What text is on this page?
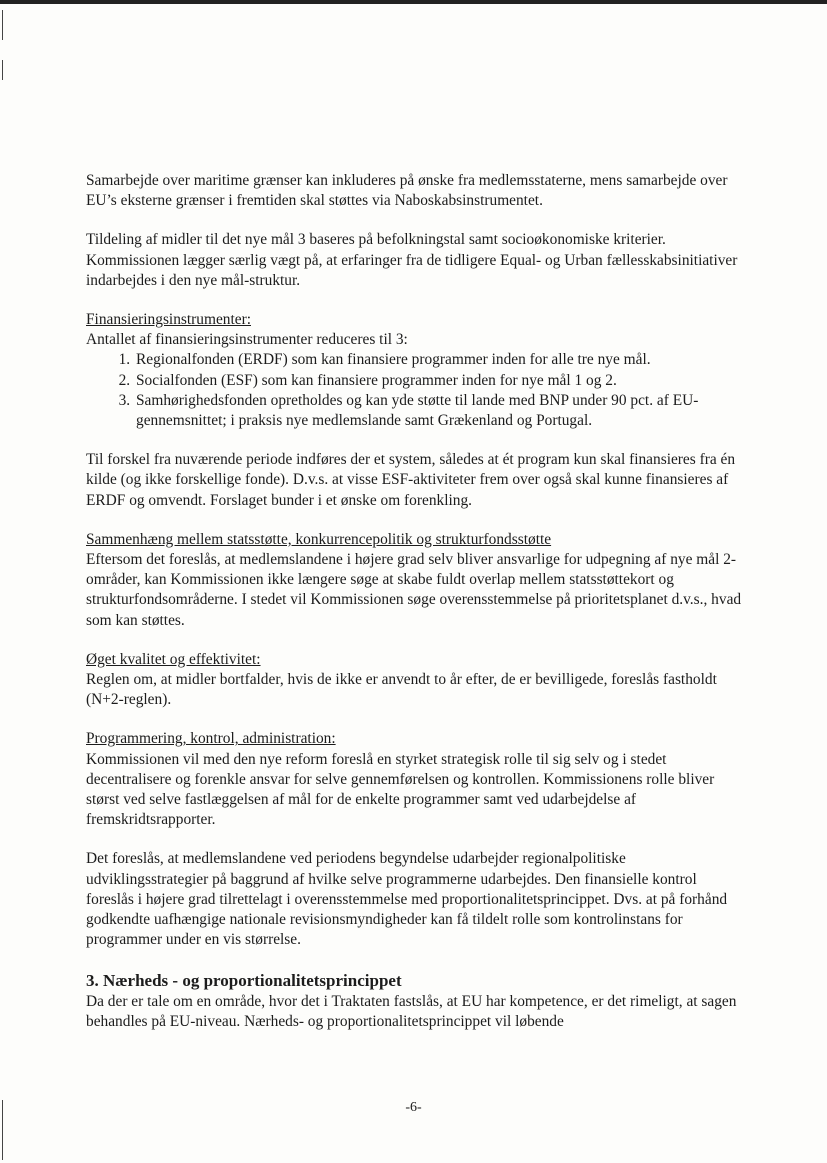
Samarbejde over maritime grænser kan inkluderes på ønske fra medlemsstaterne, mens samarbejde over EU’s eksterne grænser i fremtiden skal støttes via Naboskabsinstrumentet.

Tildeling af midler til det nye mål 3 baseres på befolkningstal samt socioøkonomiske kriterier. Kommissionen lægger særlig vægt på, at erfaringer fra de tidligere Equal- og Urban fællesskabsinitiativer indarbejdes i den nye mål-struktur.

Finansieringsinstrumenter:
Antallet af finansieringsinstrumenter reduceres til 3:
1. Regionalfonden (ERDF) som kan finansiere programmer inden for alle tre nye mål.
2. Socialfonden (ESF) som kan finansiere programmer inden for nye mål 1 og 2.
3. Samhørighedsfonden opretholdes og kan yde støtte til lande med BNP under 90 pct. af EU-gennemsnittet; i praksis nye medlemslande samt Grækenland og Portugal.

Til forskel fra nuværende periode indføres der et system, således at ét program kun skal finansieres fra én kilde (og ikke forskellige fonde). D.v.s. at visse ESF-aktiviteter frem over også skal kunne finansieres af ERDF og omvendt. Forslaget bunder i et ønske om forenkling.

Sammenhæng mellem statsstøtte, konkurrencepolitik og strukturfondsstøtte

Eftersom det foreslås, at medlemslandene i højere grad selv bliver ansvarlige for udpegning af nye mål 2-områder, kan Kommissionen ikke længere søge at skabe fuldt overlap mellem statsstøttekort og strukturfondsområderne. I stedet vil Kommissionen søge overensstemmelse på prioritetsplanet d.v.s., hvad som kan støttes.

Øget kvalitet og effektivitet:

Reglen om, at midler bortfalder, hvis de ikke er anvendt to år efter, de er bevilligede, foreslås fastholdt (N+2-reglen).

Programmering, kontrol, administration:

Kommissionen vil med den nye reform foreslå en styrket strategisk rolle til sig selv og i stedet decentralisere og forenkle ansvar for selve gennemførelsen og kontrollen. Kommissionens rolle bliver størst ved selve fastlæggelsen af mål for de enkelte programmer samt ved udarbejdelse af fremskridtsrapporter.

Det foreslås, at medlemslandene ved periodens begyndelse udarbejder regionalpolitiske udviklingsstrategier på baggrund af hvilke selve programmerne udarbejdes. Den finansielle kontrol foreslås i højere grad tilrettelagt i overensstemmelse med proportionalitetsprincippet. Dvs. at på forhånd godkendte uafhængige nationale revisionsmyndigheder kan få tildelt rolle som kontrolinstans for programmer under en vis størrelse.

3. Nærheds - og proportionalitetsprincippet

Da der er tale om en område, hvor det i Traktaten fastslås, at EU har kompetence, er det rimeligt, at sagen behandles på EU-niveau. Nærheds- og proportionalitetsprincippet vil løbende

-6-
